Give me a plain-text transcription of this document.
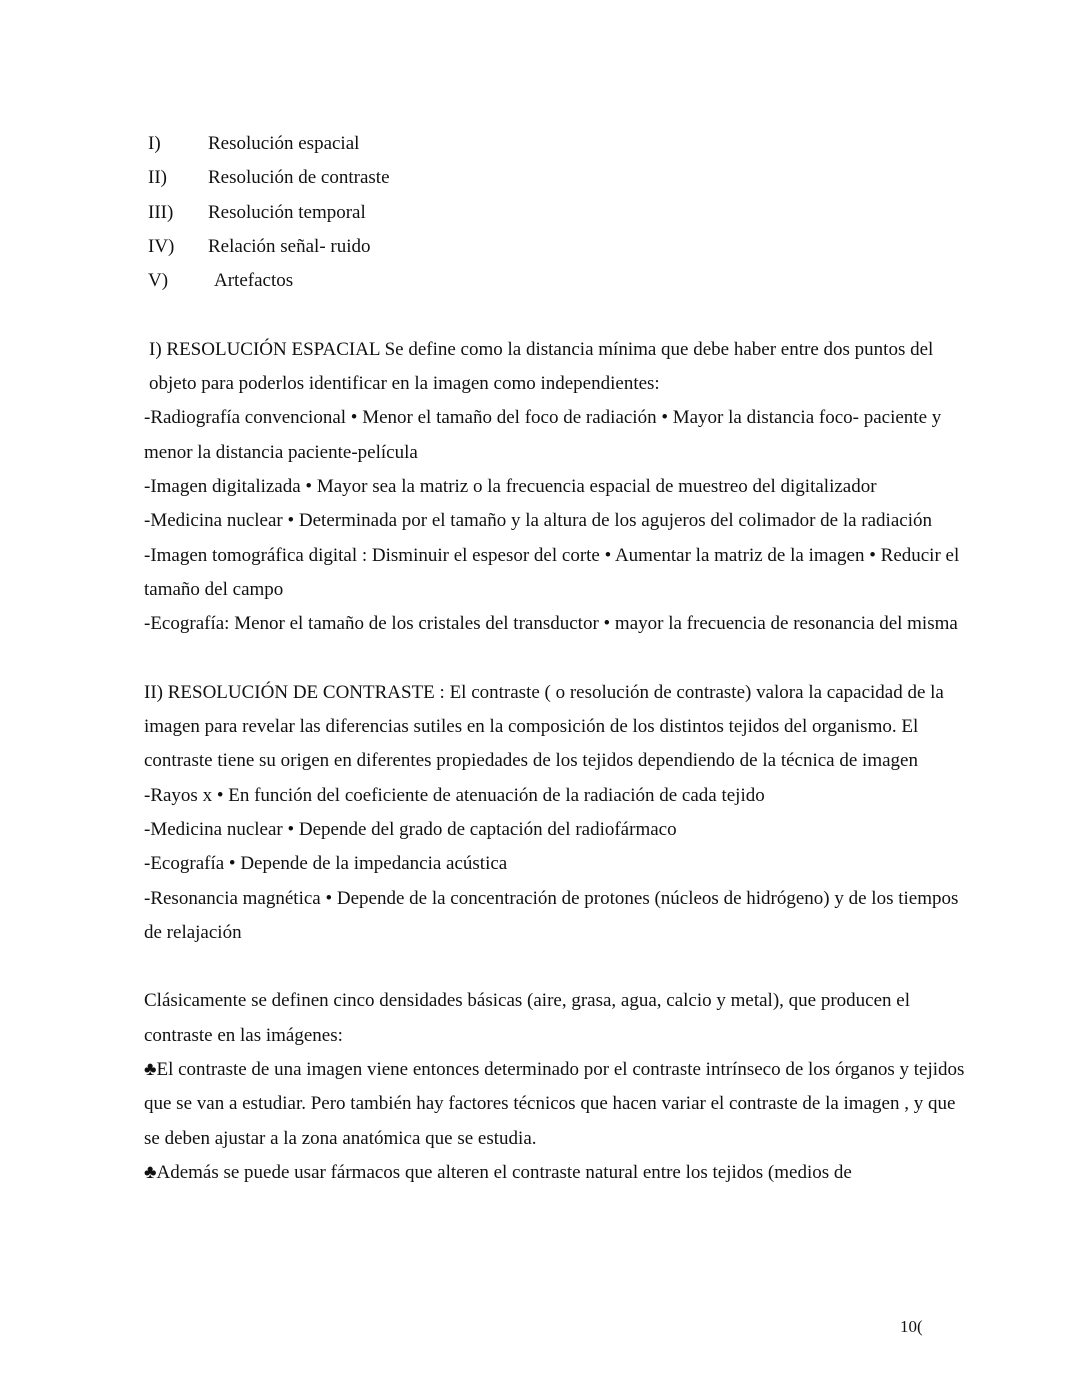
I)	Resolución espacial
II)	Resolución de contraste
III)	Resolución temporal
IV)	Relación señal- ruido
V)	Artefactos

I) RESOLUCIÓN ESPACIAL Se define como la distancia mínima que debe haber entre dos puntos del objeto para poderlos identificar en la imagen como independientes:

-Radiografía convencional • Menor el tamaño del foco de radiación • Mayor la distancia foco- paciente y menor la distancia paciente-película

-Imagen digitalizada • Mayor sea la matriz o la frecuencia espacial de muestreo del digitalizador

-Medicina nuclear • Determinada por el tamaño y la altura de los agujeros del colimador de la radiación

-Imagen tomográfica digital : Disminuir el espesor del corte • Aumentar la matriz de la imagen • Reducir el tamaño del campo

-Ecografía: Menor el tamaño de los cristales del transductor • mayor la frecuencia de resonancia del misma

II) RESOLUCIÓN DE CONTRASTE : El contraste ( o resolución de contraste) valora la capacidad de la imagen para revelar las diferencias sutiles en la composición de los distintos tejidos del organismo. El contraste tiene su origen en diferentes propiedades de los tejidos dependiendo de la técnica de imagen

-Rayos x • En función del coeficiente de atenuación de la radiación de cada tejido

-Medicina nuclear • Depende del grado de captación del radiofármaco

-Ecografía • Depende de la impedancia acústica

-Resonancia magnética • Depende de la concentración de protones (núcleos de hidrógeno) y de los tiempos de relajación

Clásicamente se definen cinco densidades básicas (aire, grasa, agua, calcio y metal), que producen el contraste en las imágenes:

♣El contraste de una imagen viene entonces determinado por el contraste intrínseco de los órganos y tejidos que se van a estudiar. Pero también hay factores técnicos que hacen variar el contraste de la imagen , y que se deben ajustar a la zona anatómica que se estudia.

♣Además se puede usar fármacos que alteren el contraste natural entre los tejidos (medios de

10(
